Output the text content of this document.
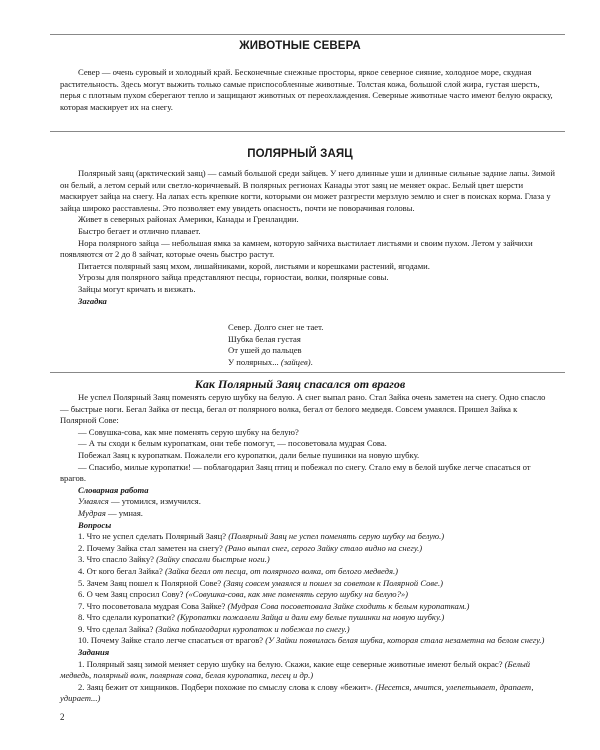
ЖИВОТНЫЕ СЕВЕРА

Север — очень суровый и холодный край. Бесконечные снежные просторы, яркое северное сияние, холодное море, скудная растительность. Здесь могут выжить только самые приспособленные животные. Толстая кожа, большой слой жира, густая шерсть, перья с плотным пухом сберегают тепло и защищают животных от переохлаждения. Северные животные часто имеют белую окраску, которая маскирует их на снегу.

ПОЛЯРНЫЙ ЗАЯЦ

Полярный заяц (арктический заяц) — самый большой среди зайцев. У него длинные уши и длинные сильные задние лапы. Зимой он белый, а летом серый или светло-коричневый. В полярных регионах Канады этот заяц не меняет окрас. Белый цвет шерсти маскирует зайца на снегу. На лапах есть крепкие когти, которыми он может разгрести мерзлую землю и снег в поисках корма. Глаза у зайца широко расставлены. Это позволяет ему увидеть опасность, почти не поворачивая головы.

Живет в северных районах Америки, Канады и Гренландии.

Быстро бегает и отлично плавает.

Нора полярного зайца — небольшая ямка за камнем, которую зайчиха выстилает листьями и своим пухом. Летом у зайчихи появляются от 2 до 8 зайчат, которые очень быстро растут.

Питается полярный заяц мхом, лишайниками, корой, листьями и корешками растений, ягодами.

Угрозы для полярного зайца представляют песцы, горностаи, волки, полярные совы.

Зайцы могут кричать и визжать.

Загадка

Север. Долго снег не тает.
Шубка белая густая
От ушей до пальцев
У полярных... (зайцев).
Как Полярный Заяц спасался от врагов

Не успел Полярный Заяц поменять серую шубку на белую. А снег выпал рано. Стал Зайка очень заметен на снегу. Одно спасло — быстрые ноги. Бегал Зайка от песца, бегал от полярного волка, бегал от белого медведя. Совсем умаялся. Пришел Зайка к Полярной Сове:

— Совушка-сова, как мне поменять серую шубку на белую?

— А ты сходи к белым куропаткам, они тебе помогут, — посоветовала мудрая Сова.

Побежал Заяц к куропаткам. Пожалели его куропатки, дали белые пушинки на новую шубку.

— Спасибо, милые куропатки! — поблагодарил Заяц птиц и побежал по снегу. Стало ему в белой шубке легче спасаться от врагов.

Словарная работа

Умаялся — утомился, измучился.

Мудрая — умная.

Вопросы

1. Что не успел сделать Полярный Заяц? (Полярный Заяц не успел поменять серую шубку на белую.)

2. Почему Зайка стал заметен на снегу? (Рано выпал снег, серого Зайку стало видно на снегу.)

3. Что спасло Зайку? (Зайку спасали быстрые ноги.)

4. От кого бегал Зайка? (Зайка бегал от песца, от полярного волка, от белого медведя.)

5. Зачем Заяц пошел к Полярной Сове? (Заяц совсем умаялся и пошел за советом к Полярной Сове.)

6. О чем Заяц спросил Сову? («Совушка-сова, как мне поменять серую шубку на белую?»)

7. Что посоветовала мудрая Сова Зайке? (Мудрая Сова посоветовала Зайке сходить к белым куропаткам.)

8. Что сделали куропатки? (Куропатки пожалели Зайца и дали ему белые пушинки на новую шубку.)

9. Что сделал Зайка? (Зайка поблагодарил куропаток и побежал по снегу.)

10. Почему Зайке стало легче спасаться от врагов? (У Зайки появилась белая шубка, которая стала незаметна на белом снегу.)

Задания

1. Полярный заяц зимой меняет серую шубку на белую. Скажи, какие еще северные животные имеют белый окрас? (Белый медведь, полярный волк, полярная сова, белая куропатка, песец и др.)

2. Заяц бежит от хищников. Подбери похожие по смыслу слова к слову «бежит». (Несется, мчится, улепетывает, драпает, удирает...)

2
